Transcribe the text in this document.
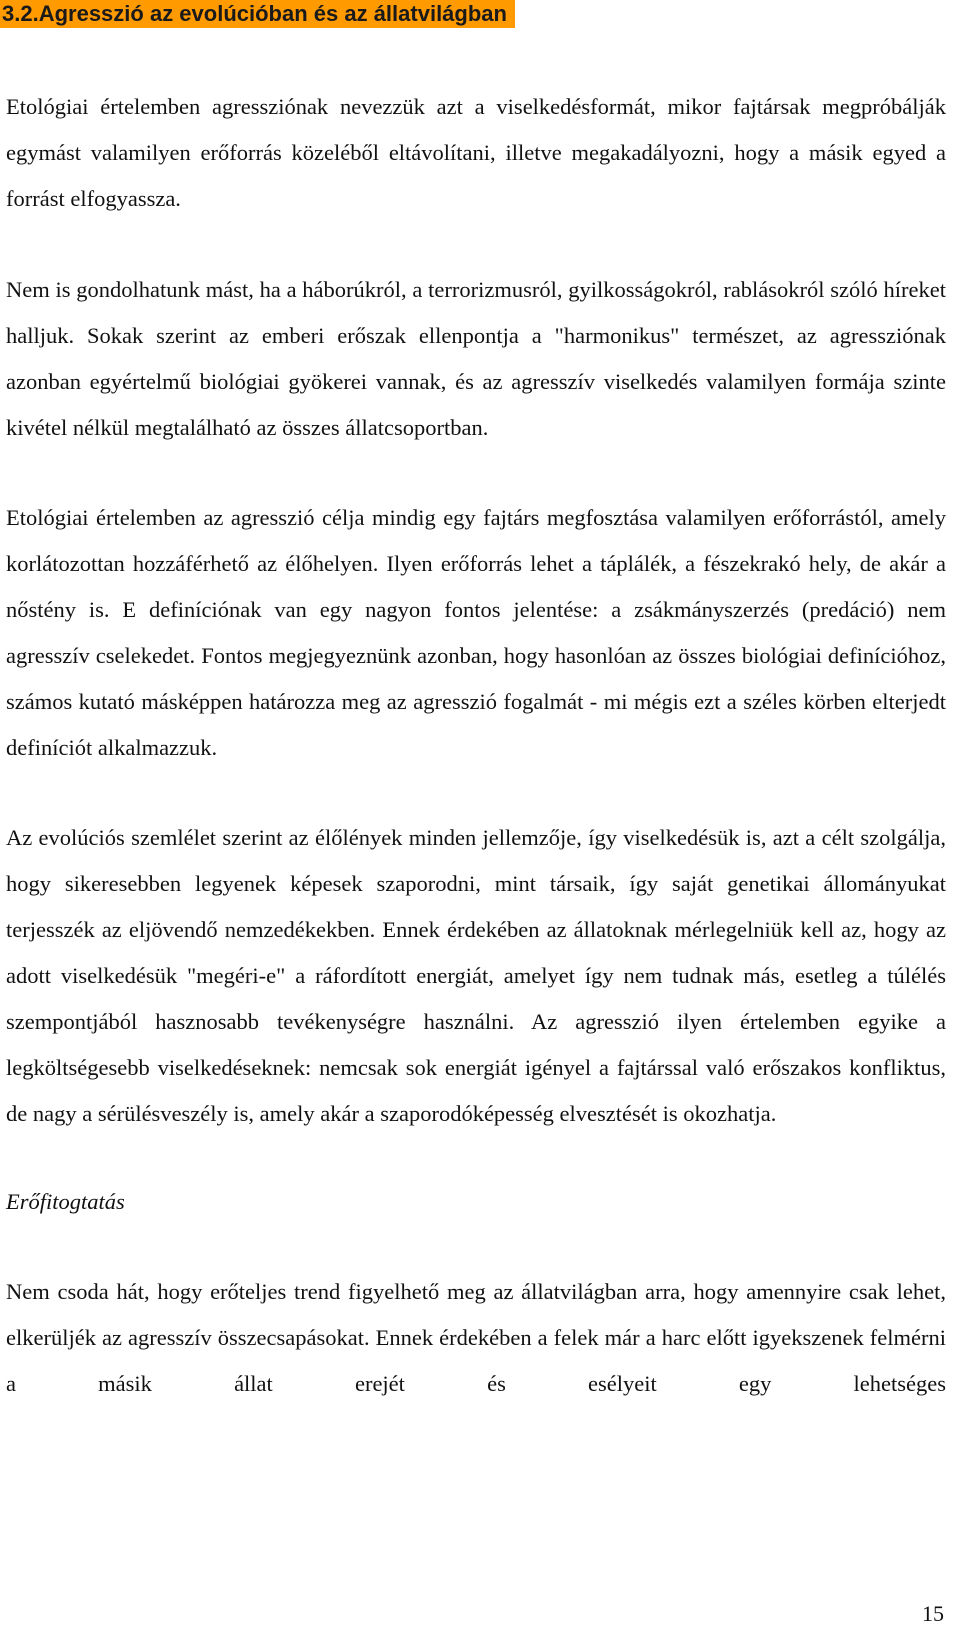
3.2.Agresszió az evolúcióban és az állatvilágban

Etológiai értelemben agressziónak nevezzük azt a viselkedésformát, mikor fajtársak megpróbálják egymást valamilyen erőforrás közeléből eltávolítani, illetve megakadályozni, hogy a másik egyed a forrást elfogyassza.

Nem is gondolhatunk mást, ha a háborúkról, a terrorizmusról, gyilkosságokról, rablásokról szóló híreket halljuk. Sokak szerint az emberi erőszak ellenpontja a "harmonikus" természet, az agressziónak azonban egyértelmű biológiai gyökerei vannak, és az agresszív viselkedés valamilyen formája szinte kivétel nélkül megtalálható az összes állatcsoportban.

Etológiai értelemben az agresszió célja mindig egy fajtárs megfosztása valamilyen erőforrástól, amely korlátozottan hozzáférhető az élőhelyen. Ilyen erőforrás lehet a táplálék, a fészekrakó hely, de akár a nőstény is. E definíciónak van egy nagyon fontos jelentése: a zsákmányszerzés (predáció) nem agresszív cselekedet. Fontos megjegyeznünk azonban, hogy hasonlóan az összes biológiai definícióhoz, számos kutató másképpen határozza meg az agresszió fogalmát - mi mégis ezt a széles körben elterjedt definíciót alkalmazzuk.

Az evolúciós szemlélet szerint az élőlények minden jellemzője, így viselkedésük is, azt a célt szolgálja, hogy sikeresebben legyenek képesek szaporodni, mint társaik, így saját genetikai állományukat terjesszék az eljövendő nemzedékekben. Ennek érdekében az állatoknak mérlegelniük kell az, hogy az adott viselkedésük "megéri-e" a ráfordított energiát, amelyet így nem tudnak más, esetleg a túlélés szempontjából hasznosabb tevékenységre használni. Az agresszió ilyen értelemben egyike a legköltségesebb viselkedéseknek: nemcsak sok energiát igényel a fajtárssal való erőszakos konfliktus, de nagy a sérülésveszély is, amely akár a szaporodóképesség elvesztését is okozhatja.

Erőfitogtatás

Nem csoda hát, hogy erőteljes trend figyelhető meg az állatvilágban arra, hogy amennyire csak lehet, elkerüljék az agresszív összecsapásokat. Ennek érdekében a felek már a harc előtt igyekszenek felmérni a másik állat erejét és esélyeit egy lehetséges

15
